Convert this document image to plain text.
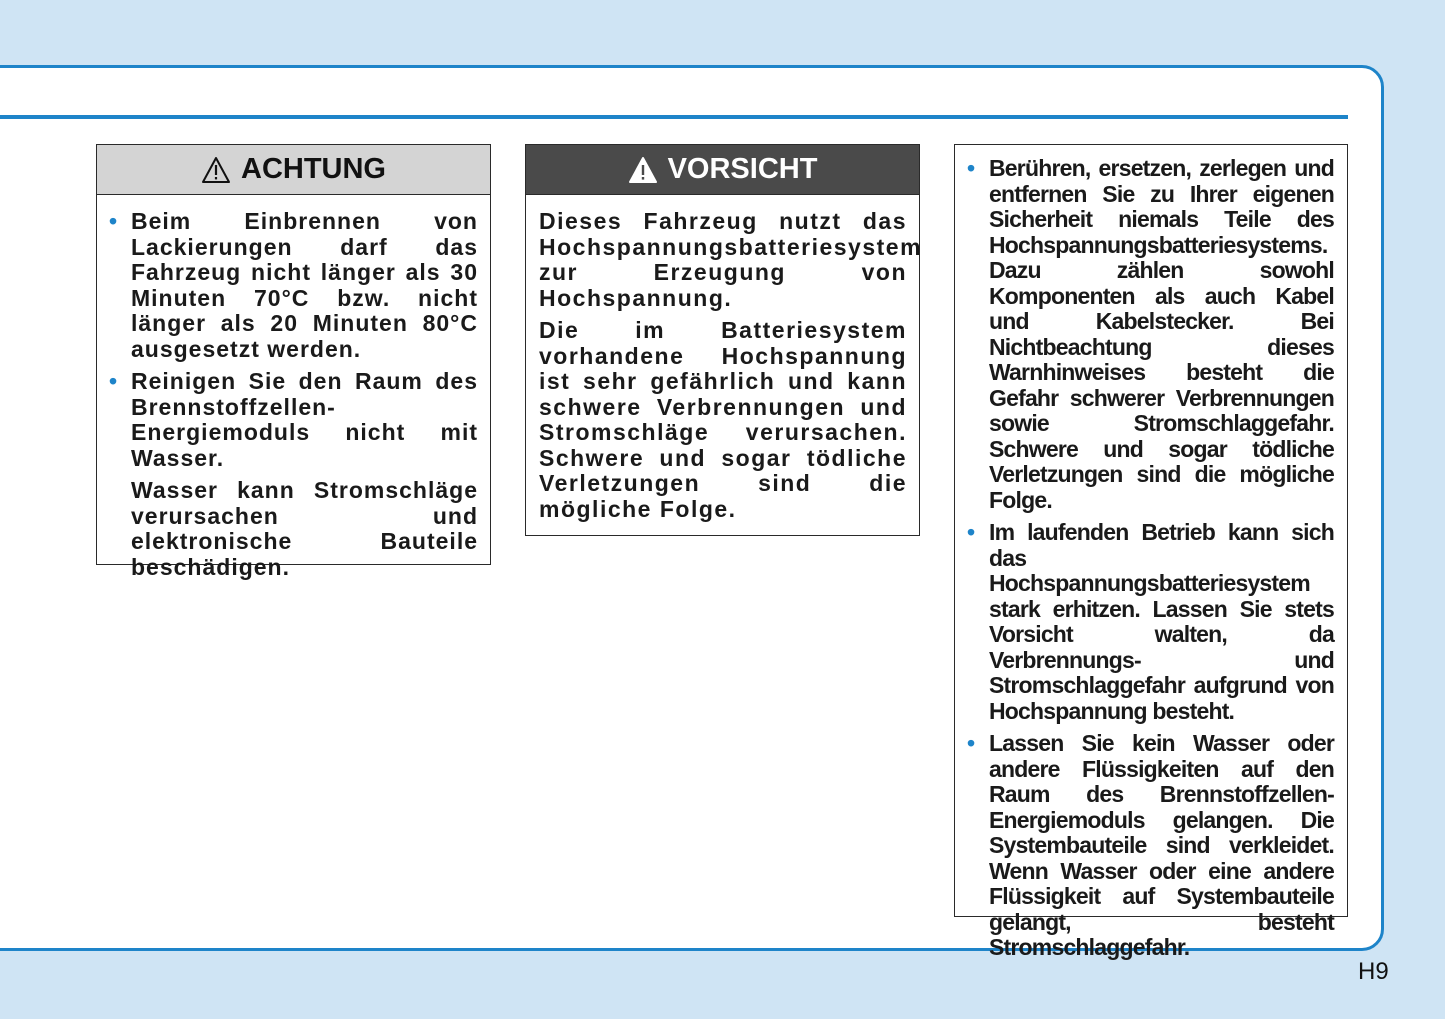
ACHTUNG
• Beim Einbrennen von Lackierungen darf das Fahrzeug nicht länger als 30 Minuten 70°C bzw. nicht länger als 20 Minuten 80°C ausgesetzt werden.
• Reinigen Sie den Raum des Brennstoffzellen-Energiemoduls nicht mit Wasser.
Wasser kann Stromschläge verursachen und elektronische Bauteile beschädigen.
VORSICHT
Dieses Fahrzeug nutzt das Hochspannungsbatteriesystem zur Erzeugung von Hochspannung.
Die im Batteriesystem vorhandene Hochspannung ist sehr gefährlich und kann schwere Verbrennungen und Stromschläge verursachen. Schwere und sogar tödliche Verletzungen sind die mögliche Folge.
• Berühren, ersetzen, zerlegen und entfernen Sie zu Ihrer eigenen Sicherheit niemals Teile des Hochspannungsbatteriesystems. Dazu zählen sowohl Komponenten als auch Kabel und Kabelstecker. Bei Nichtbeachtung dieses Warnhinweises besteht die Gefahr schwerer Verbrennungen sowie Stromschlaggefahr. Schwere und sogar tödliche Verletzungen sind die mögliche Folge.
• Im laufenden Betrieb kann sich das Hochspannungsbatteriesystem stark erhitzen. Lassen Sie stets Vorsicht walten, da Verbrennungs- und Stromschlaggefahr aufgrund von Hochspannung besteht.
• Lassen Sie kein Wasser oder andere Flüssigkeiten auf den Raum des Brennstoffzellen-Energiemoduls gelangen. Die Systembauteile sind verkleidet. Wenn Wasser oder eine andere Flüssigkeit auf Systembauteile gelangt, besteht Stromschlaggefahr.
H9
